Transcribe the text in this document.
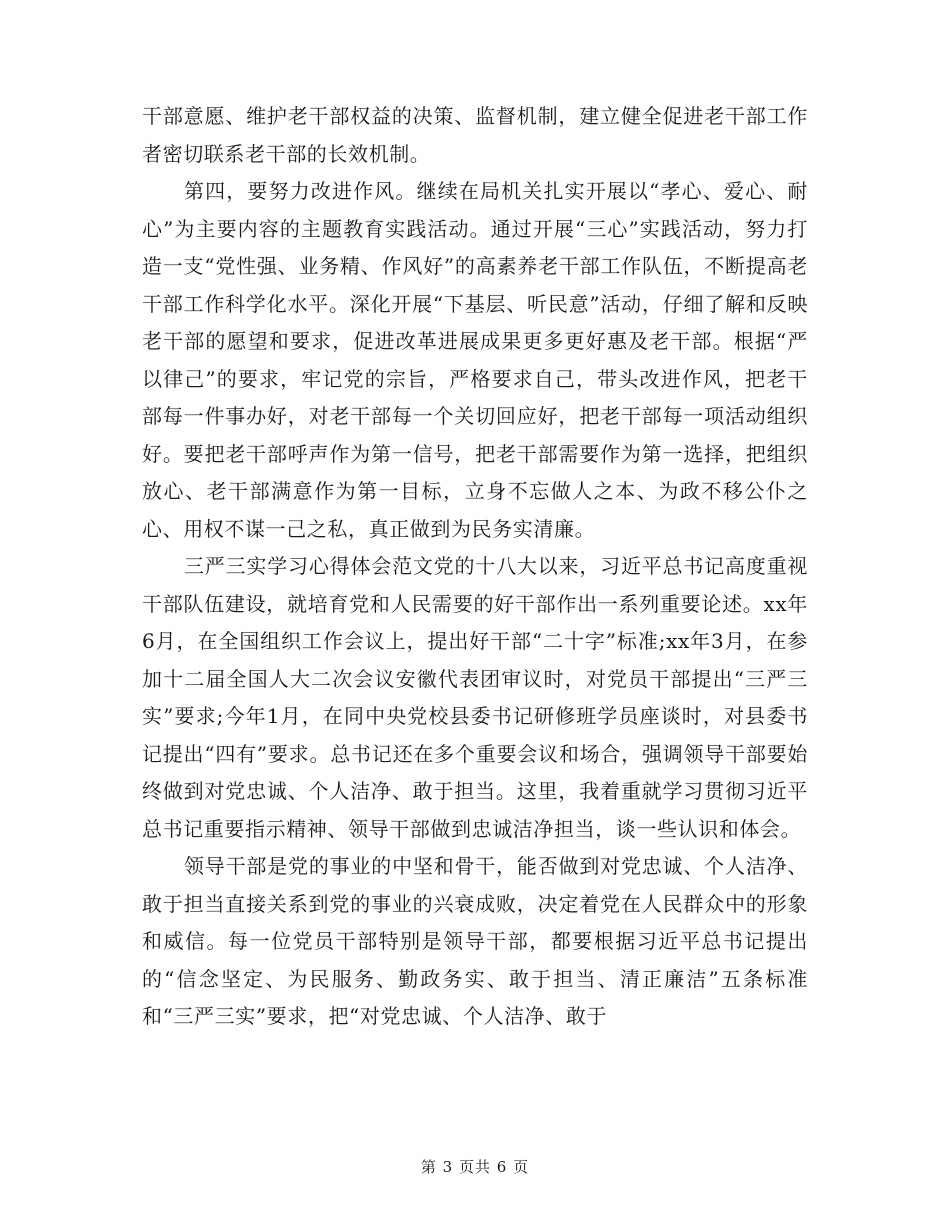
干部意愿、维护老干部权益的决策、监督机制，建立健全促进老干部工作者密切联系老干部的长效机制。

第四，要努力改进作风。继续在局机关扎实开展以“孝心、爱心、耐心”为主要内容的主题教育实践活动。通过开展“三心”实践活动，努力打造一支“党性强、业务精、作风好”的高素养老干部工作队伍，不断提高老干部工作科学化水平。深化开展“下基层、听民意”活动，仔细了解和反映老干部的愿望和要求，促进改革进展成果更多更好惠及老干部。根据“严以律己”的要求，牢记党的宗旨，严格要求自己，带头改进作风，把老干部每一件事办好，对老干部每一个关切回应好，把老干部每一项活动组织好。要把老干部呼声作为第一信号，把老干部需要作为第一选择，把组织放心、老干部满意作为第一目标，立身不忘做人之本、为政不移公仆之心、用权不谋一己之私，真正做到为民务实清廉。

三严三实学习心得体会范文党的十八大以来，习近平总书记高度重视干部队伍建设，就培育党和人民需要的好干部作出一系列重要论述。xx年6月，在全国组织工作会议上，提出好干部“二十字”标准;xx年3月，在参加十二届全国人大二次会议安徽代表团审议时，对党员干部提出“三严三实”要求;今年1月，在同中央党校县委书记研修班学员座谈时，对县委书记提出“四有”要求。总书记还在多个重要会议和场合，强调领导干部要始终做到对党忠诚、个人洁净、敢于担当。这里，我着重就学习贯彻习近平总书记重要指示精神、领导干部做到忠诚洁净担当，谈一些认识和体会。

领导干部是党的事业的中坚和骨干，能否做到对党忠诚、个人洁净、敢于担当直接关系到党的事业的兴衰成败，决定着党在人民群众中的形象和威信。每一位党员干部特别是领导干部，都要根据习近平总书记提出的“信念坚定、为民服务、勤政务实、敢于担当、清正廉洁”五条标准和“三严三实”要求，把“对党忠诚、个人洁净、敢于

第 3 页共 6 页
